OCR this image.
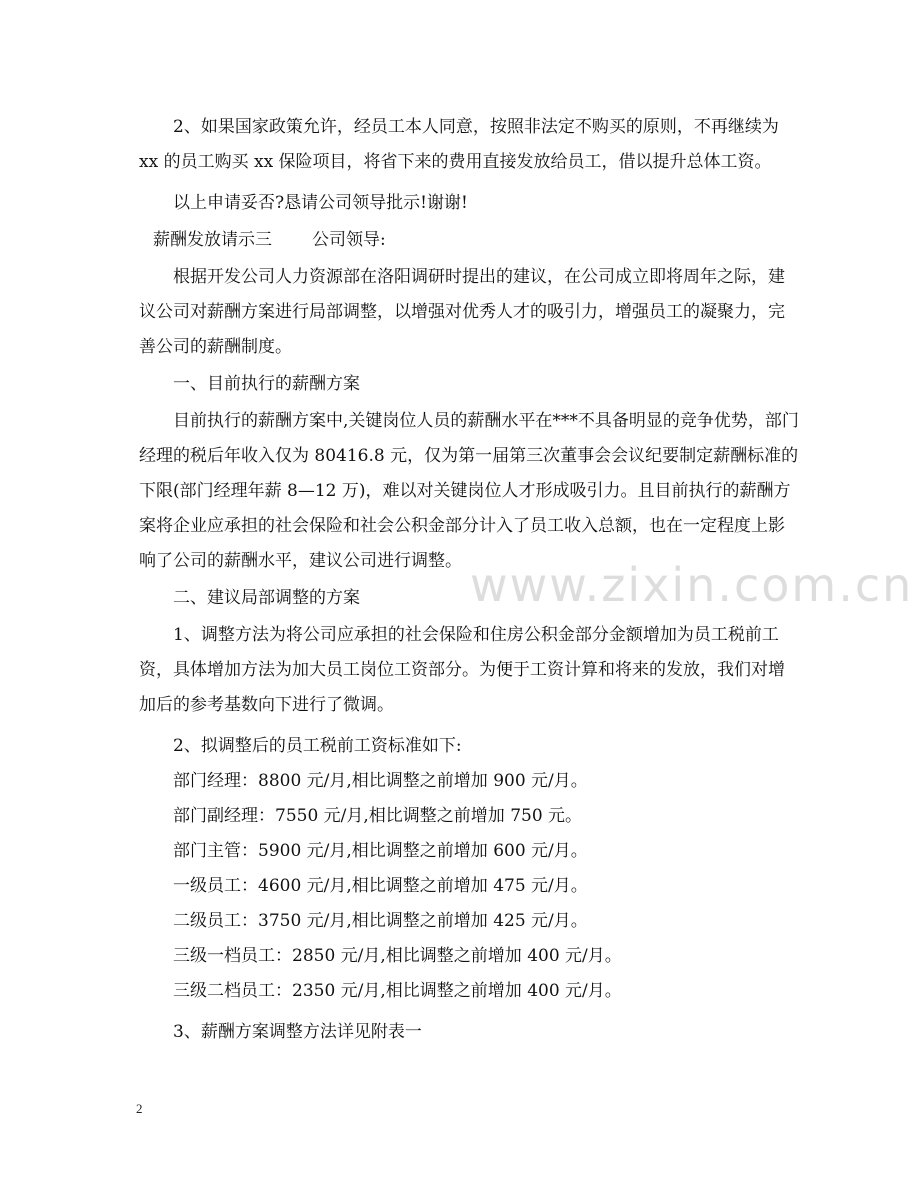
2、如果国家政策允许，经员工本人同意，按照非法定不购买的原则，不再继续为 xx 的员工购买 xx 保险项目，将省下来的费用直接发放给员工，借以提升总体工资。

以上申请妥否?恳请公司领导批示!谢谢!

薪酬发放请示三 公司领导:

根据开发公司人力资源部在洛阳调研时提出的建议，在公司成立即将周年之际，建议公司对薪酬方案进行局部调整，以增强对优秀人才的吸引力，增强员工的凝聚力，完善公司的薪酬制度。

一、目前执行的薪酬方案

目前执行的薪酬方案中,关键岗位人员的薪酬水平在***不具备明显的竞争优势，部门经理的税后年收入仅为 80416.8 元，仅为第一届第三次董事会会议纪要制定薪酬标准的下限(部门经理年薪 8—12 万)，难以对关键岗位人才形成吸引力。且目前执行的薪酬方案将企业应承担的社会保险和社会公积金部分计入了员工收入总额，也在一定程度上影响了公司的薪酬水平，建议公司进行调整。

二、建议局部调整的方案

1、调整方法为将公司应承担的社会保险和住房公积金部分金额增加为员工税前工资，具体增加方法为加大员工岗位工资部分。为便于工资计算和将来的发放，我们对增加后的参考基数向下进行了微调。

2、拟调整后的员工税前工资标准如下:

部门经理：8800 元/月,相比调整之前增加 900 元/月。
部门副经理：7550 元/月,相比调整之前增加 750 元。
部门主管：5900 元/月,相比调整之前增加 600 元/月。
一级员工：4600 元/月,相比调整之前增加 475 元/月。
二级员工：3750 元/月,相比调整之前增加 425 元/月。
三级一档员工：2850 元/月,相比调整之前增加 400 元/月。
三级二档员工：2350 元/月,相比调整之前增加 400 元/月。

3、薪酬方案调整方法详见附表一

www.zixin.com.cn
2
